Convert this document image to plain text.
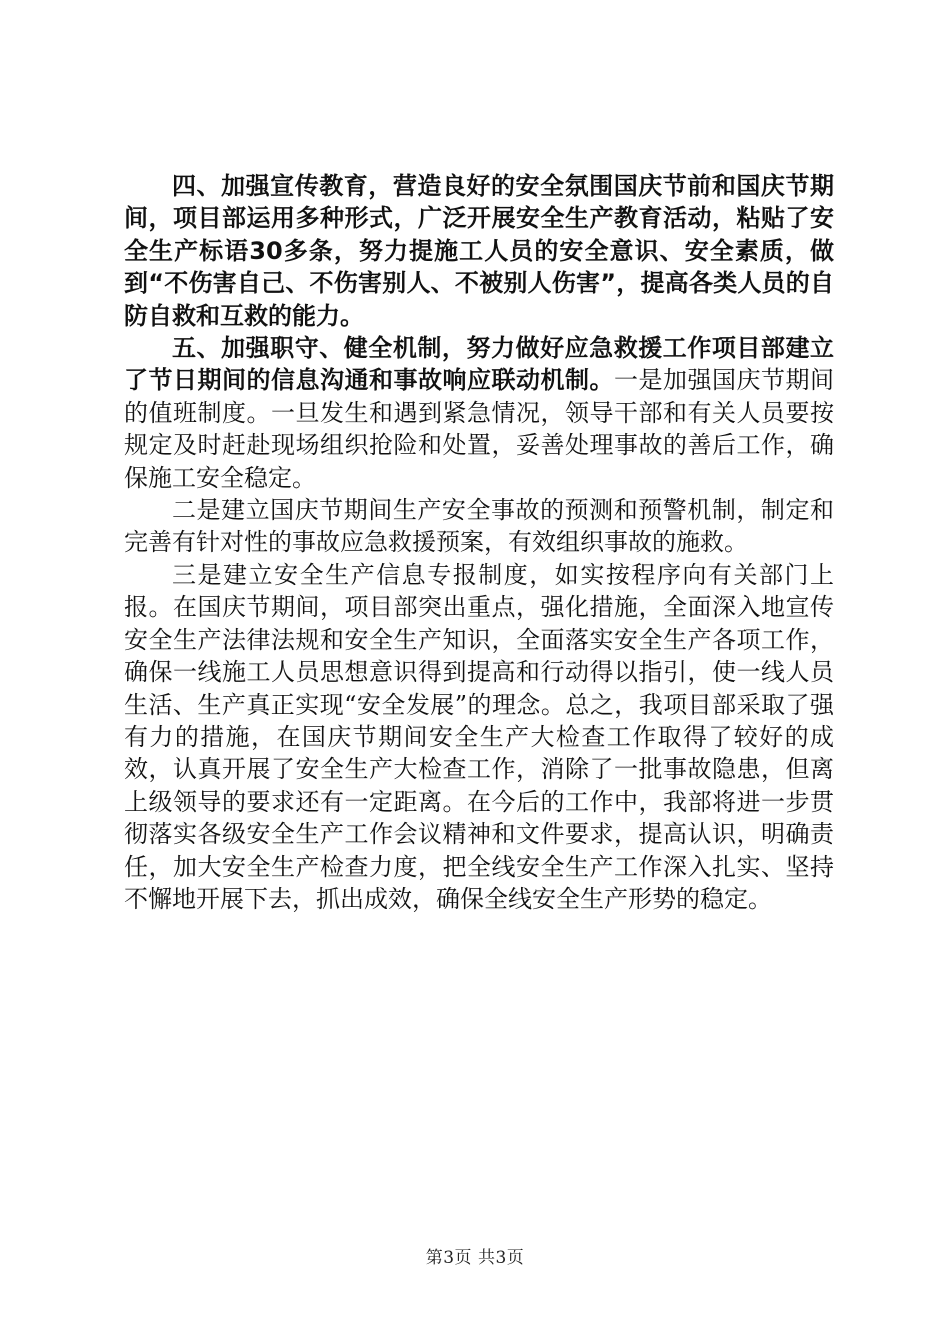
四、加强宣传教育，营造良好的安全氛围国庆节前和国庆节期间，项目部运用多种形式，广泛开展安全生产教育活动，粘贴了安全生产标语30多条，努力提施工人员的安全意识、安全素质，做到“不伤害自己、不伤害别人、不被别人伤害”，提高各类人员的自防自救和互救的能力。

五、加强职守、健全机制，努力做好应急救援工作项目部建立了节日期间的信息沟通和事故响应联动机制。一是加强国庆节期间的值班制度。一旦发生和遇到紧急情况，领导干部和有关人员要按规定及时赶赴现场组织抢险和处置，妥善处理事故的善后工作，确保施工安全稳定。

二是建立国庆节期间生产安全事故的预测和预警机制，制定和完善有针对性的事故应急救援预案，有效组织事故的施救。

三是建立安全生产信息专报制度，如实按程序向有关部门上报。在国庆节期间，项目部突出重点，强化措施，全面深入地宣传安全生产法律法规和安全生产知识，全面落实安全生产各项工作，确保一线施工人员思想意识得到提高和行动得以指引，使一线人员生活、生产真正实现“安全发展”的理念。总之，我项目部采取了强有力的措施，在国庆节期间安全生产大检查工作取得了较好的成效，认真开展了安全生产大检查工作，消除了一批事故隐患，但离上级领导的要求还有一定距离。在今后的工作中，我部将进一步贯彻落实各级安全生产工作会议精神和文件要求，提高认识，明确责任，加大安全生产检查力度，把全线安全生产工作深入扎实、坚持不懈地开展下去，抓出成效，确保全线安全生产形势的稳定。

第3页 共3页
